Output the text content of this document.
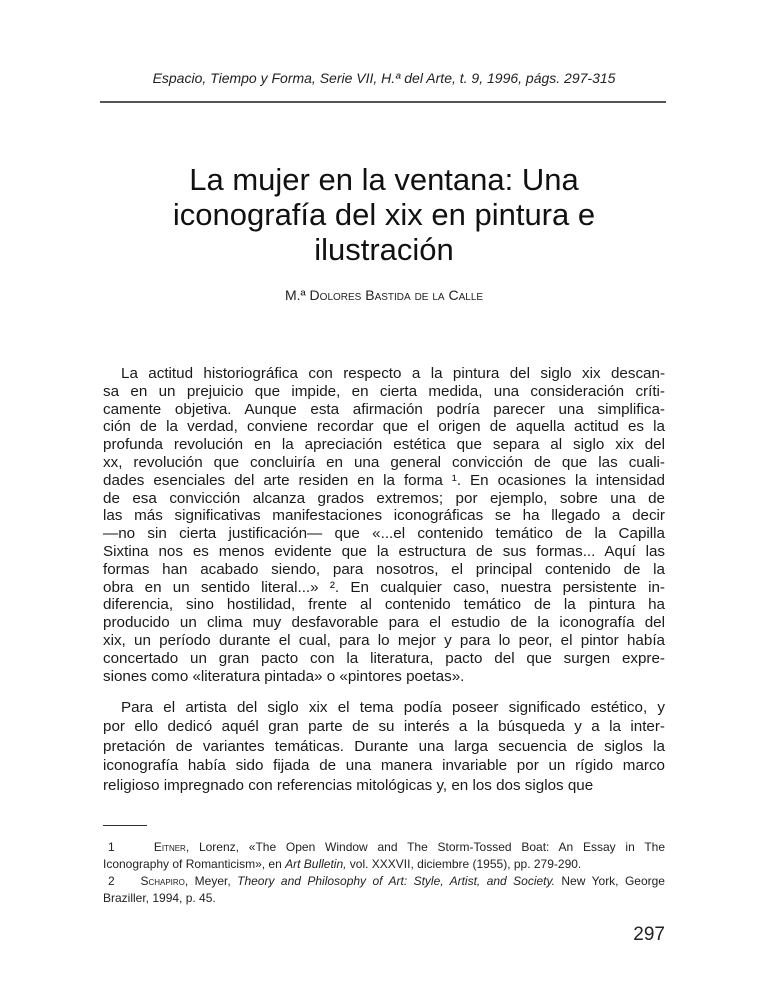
Espacio, Tiempo y Forma, Serie VII, H.ª del Arte, t. 9, 1996, págs. 297-315
La mujer en la ventana: Una
iconografía del xix en pintura e
ilustración
M.ª Dolores Bastida de la Calle
La actitud historiográfica con respecto a la pintura del siglo xix descan-
sa en un prejuicio que impide, en cierta medida, una consideración críti-
camente objetiva. Aunque esta afirmación podría parecer una simplifica-
ción de la verdad, conviene recordar que el origen de aquella actitud es la
profunda revolución en la apreciación estética que separa al siglo xix del
xx, revolución que concluiría en una general convicción de que las cuali-
dades esenciales del arte residen en la forma ¹. En ocasiones la intensidad
de esa convicción alcanza grados extremos; por ejemplo, sobre una de
las más significativas manifestaciones iconográficas se ha llegado a decir
—no sin cierta justificación— que «...el contenido temático de la Capilla
Sixtina nos es menos evidente que la estructura de sus formas... Aquí las
formas han acabado siendo, para nosotros, el principal contenido de la
obra en un sentido literal...» ². En cualquier caso, nuestra persistente in-
diferencia, sino hostilidad, frente al contenido temático de la pintura ha
producido un clima muy desfavorable para el estudio de la iconografía del
xix, un período durante el cual, para lo mejor y para lo peor, el pintor había
concertado un gran pacto con la literatura, pacto del que surgen expre-
siones como «literatura pintada» o «pintores poetas».
Para el artista del siglo xix el tema podía poseer significado estético, y
por ello dedicó aquél gran parte de su interés a la búsqueda y a la inter-
pretación de variantes temáticas. Durante una larga secuencia de siglos la
iconografía había sido fijada de una manera invariable por un rígido marco
religioso impregnado con referencias mitológicas y, en los dos siglos que
1	Eitner, Lorenz, «The Open Window and The Storm-Tossed Boat: An Essay in The
Iconography of Romanticism», en Art Bulletin, vol. XXXVII, diciembre (1955), pp. 279-290.
2 Schapiro, Meyer, Theory and Philosophy of Art: Style, Artist, and Society. New York, George
Braziller, 1994, p. 45.
297
